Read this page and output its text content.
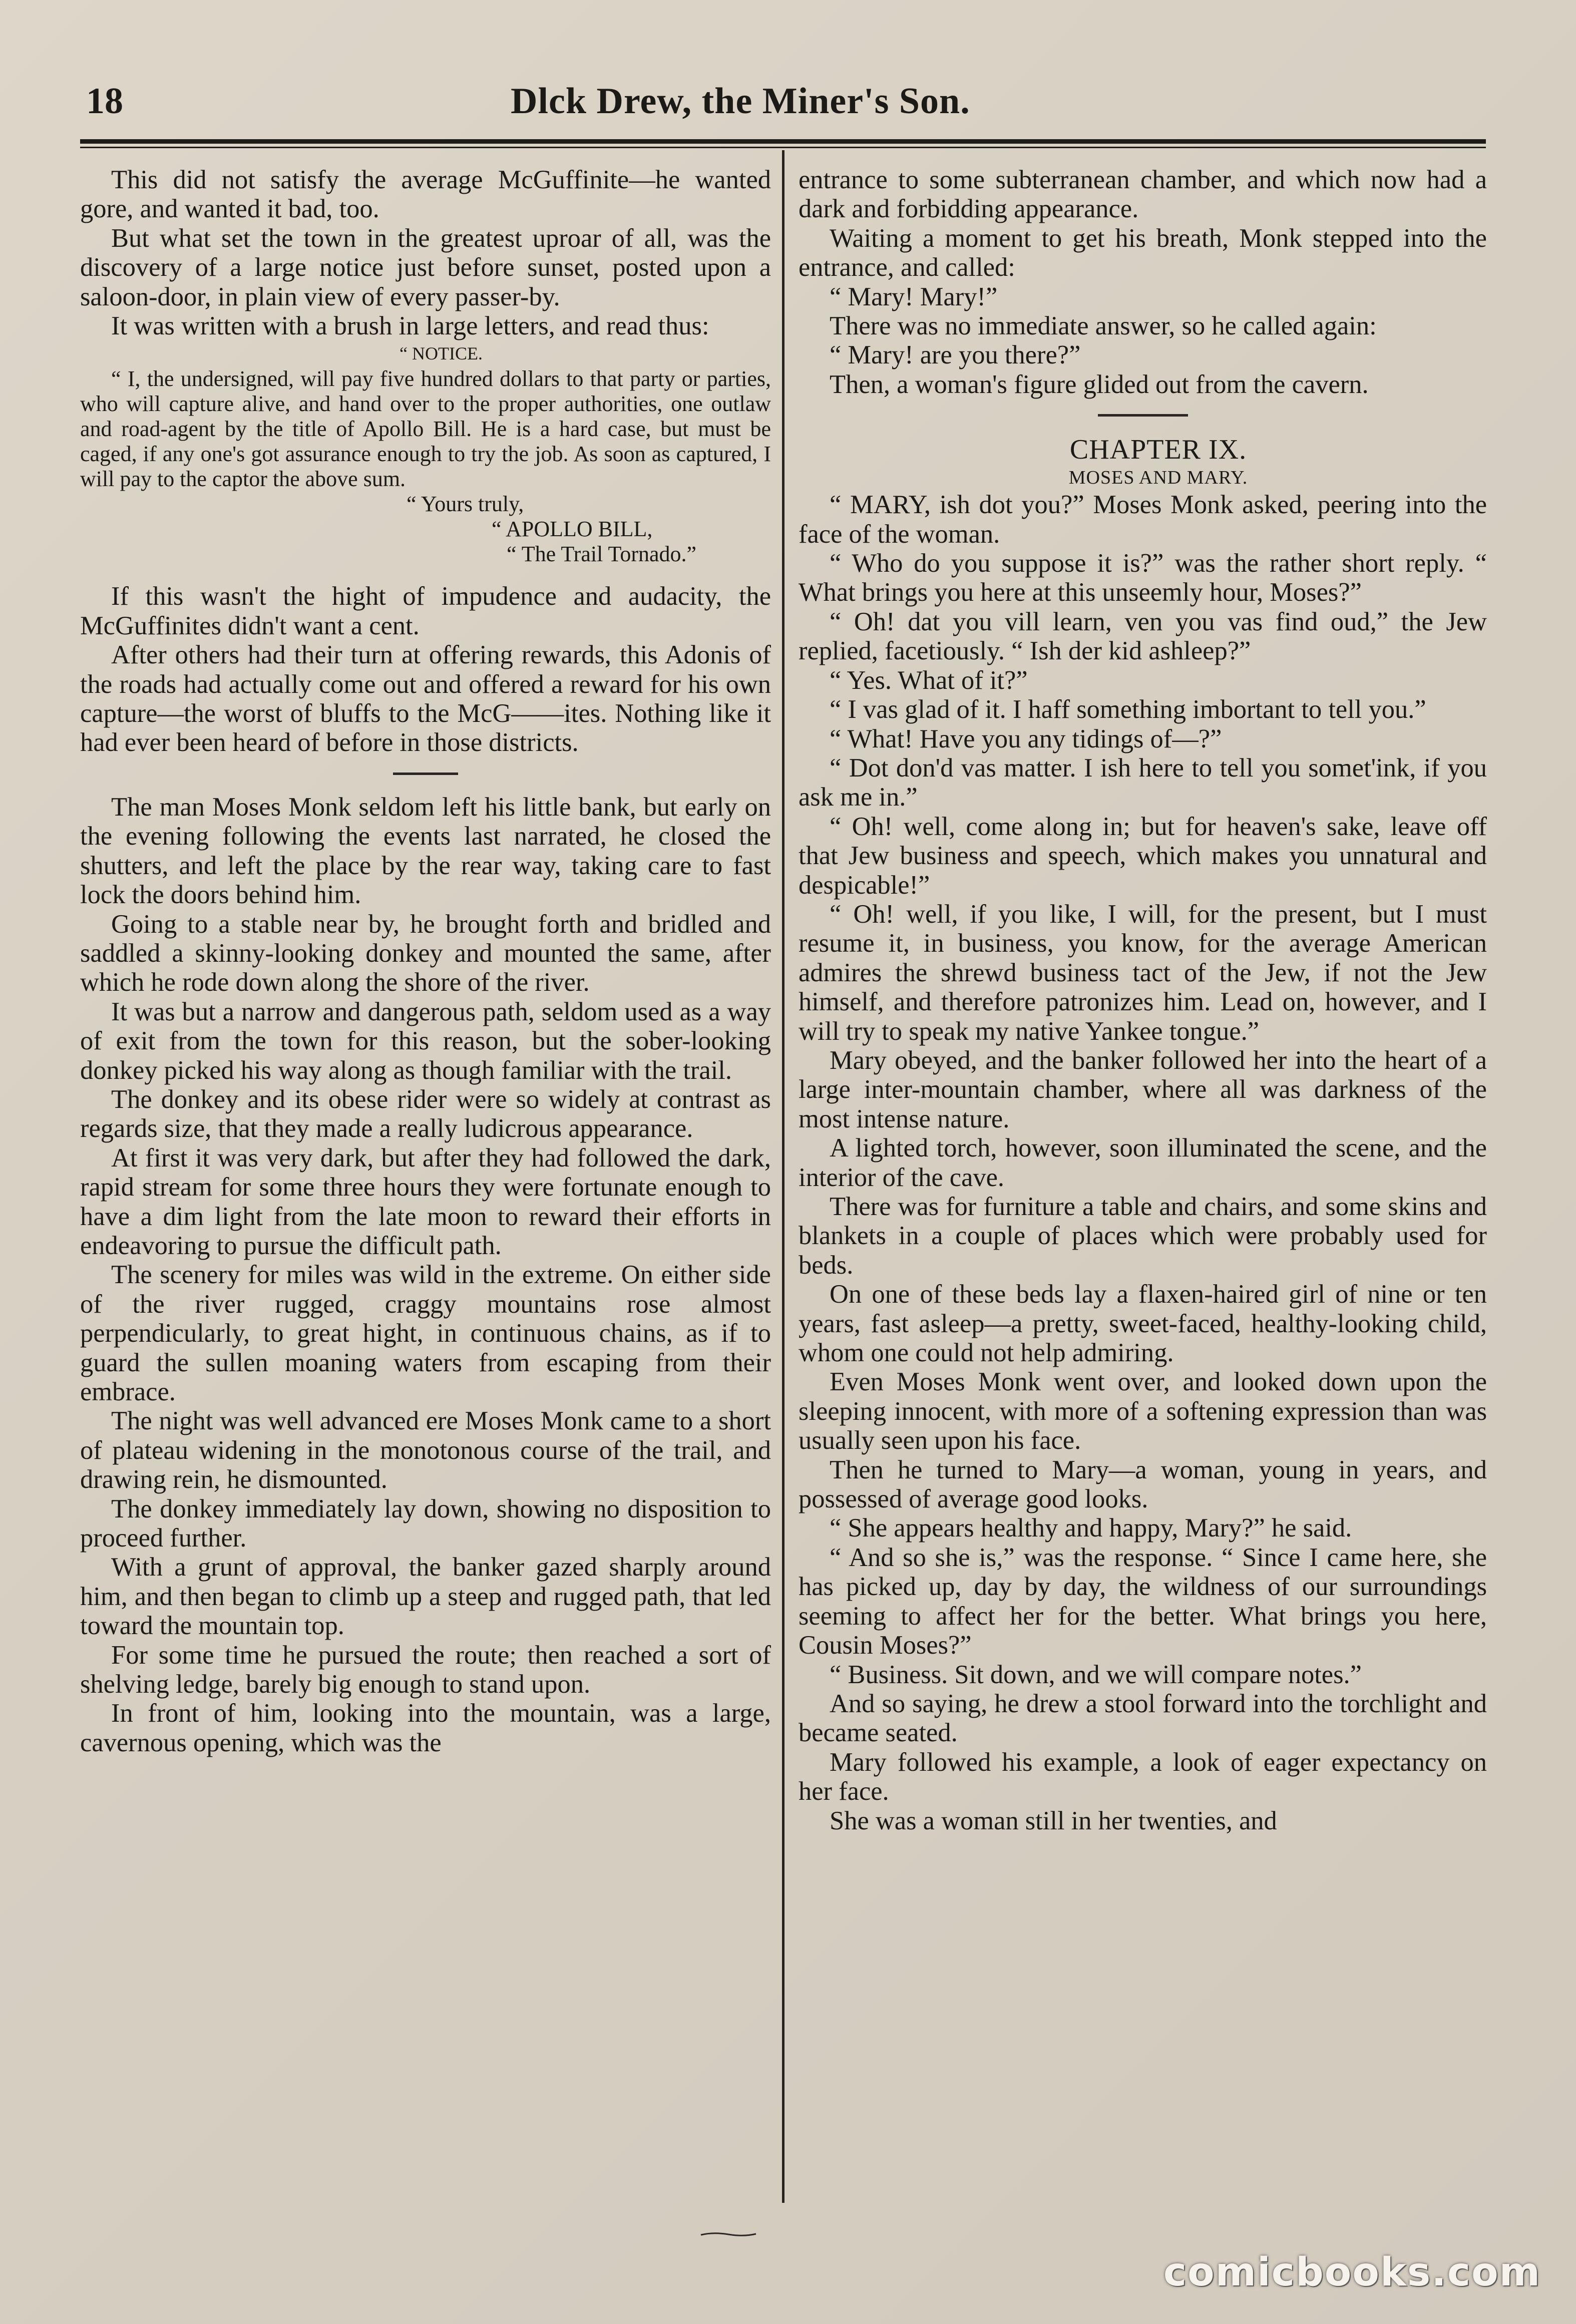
18	Dlck Drew, the Miner's Son.

This did not satisfy the average McGuffinite—he wanted gore, and wanted it bad, too.

But what set the town in the greatest uproar of all, was the discovery of a large notice just before sunset, posted upon a saloon-door, in plain view of every passer-by.

It was written with a brush in large letters, and read thus:

“ NOTICE.

“ I, the undersigned, will pay five hundred dollars to that party or parties, who will capture alive, and hand over to the proper authorities, one outlaw and road-agent by the title of Apollo Bill. He is a hard case, but must be caged, if any one's got assurance enough to try the job. As soon as captured, I will pay to the captor the above sum.

“ Yours truly,

“ APOLLO BILL,

“ The Trail Tornado.”

If this wasn't the hight of impudence and audacity, the McGuffinites didn't want a cent.

After others had their turn at offering rewards, this Adonis of the roads had actually come out and offered a reward for his own capture—the worst of bluffs to the McG——ites. Nothing like it had ever been heard of before in those districts.

The man Moses Monk seldom left his little bank, but early on the evening following the events last narrated, he closed the shutters, and left the place by the rear way, taking care to fast lock the doors behind him.

Going to a stable near by, he brought forth and bridled and saddled a skinny-looking donkey and mounted the same, after which he rode down along the shore of the river.

It was but a narrow and dangerous path, seldom used as a way of exit from the town for this reason, but the sober-looking donkey picked his way along as though familiar with the trail.

The donkey and its obese rider were so widely at contrast as regards size, that they made a really ludicrous appearance.

At first it was very dark, but after they had followed the dark, rapid stream for some three hours they were fortunate enough to have a dim light from the late moon to reward their efforts in endeavoring to pursue the difficult path.

The scenery for miles was wild in the extreme. On either side of the river rugged, craggy mountains rose almost perpendicularly, to great hight, in continuous chains, as if to guard the sullen moaning waters from escaping from their embrace.

The night was well advanced ere Moses Monk came to a short of plateau widening in the monotonous course of the trail, and drawing rein, he dismounted.

The donkey immediately lay down, showing no disposition to proceed further.

With a grunt of approval, the banker gazed sharply around him, and then began to climb up a steep and rugged path, that led toward the mountain top.

For some time he pursued the route; then reached a sort of shelving ledge, barely big enough to stand upon.

In front of him, looking into the mountain, was a large, cavernous opening, which was the

entrance to some subterranean chamber, and which now had a dark and forbidding appearance.

Waiting a moment to get his breath, Monk stepped into the entrance, and called:

“ Mary! Mary!”

There was no immediate answer, so he called again:

“ Mary! are you there?”

Then, a woman's figure glided out from the cavern.

CHAPTER IX.

MOSES AND MARY.

“ MARY, ish dot you?” Moses Monk asked, peering into the face of the woman.

“ Who do you suppose it is?” was the rather short reply. “ What brings you here at this unseemly hour, Moses?”

“ Oh! dat you vill learn, ven you vas find oud,” the Jew replied, facetiously. “ Ish der kid ashleep?”

“ Yes. What of it?”

“ I vas glad of it. I haff something imbortant to tell you.”

“ What! Have you any tidings of—?”

“ Dot don'd vas matter. I ish here to tell you somet'ink, if you ask me in.”

“ Oh! well, come along in; but for heaven's sake, leave off that Jew business and speech, which makes you unnatural and despicable!”

“ Oh! well, if you like, I will, for the present, but I must resume it, in business, you know, for the average American admires the shrewd business tact of the Jew, if not the Jew himself, and therefore patronizes him. Lead on, however, and I will try to speak my native Yankee tongue.”

Mary obeyed, and the banker followed her into the heart of a large inter-mountain chamber, where all was darkness of the most intense nature.

A lighted torch, however, soon illuminated the scene, and the interior of the cave.

There was for furniture a table and chairs, and some skins and blankets in a couple of places which were probably used for beds.

On one of these beds lay a flaxen-haired girl of nine or ten years, fast asleep—a pretty, sweet-faced, healthy-looking child, whom one could not help admiring.

Even Moses Monk went over, and looked down upon the sleeping innocent, with more of a softening expression than was usually seen upon his face.

Then he turned to Mary—a woman, young in years, and possessed of average good looks.

“ She appears healthy and happy, Mary?” he said.

“ And so she is,” was the response. “ Since I came here, she has picked up, day by day, the wildness of our surroundings seeming to affect her for the better. What brings you here, Cousin Moses?”

“ Business. Sit down, and we will compare notes.”

And so saying, he drew a stool forward into the torchlight and became seated.

Mary followed his example, a look of eager expectancy on her face.

She was a woman still in her twenties, and

comicbooks.com
